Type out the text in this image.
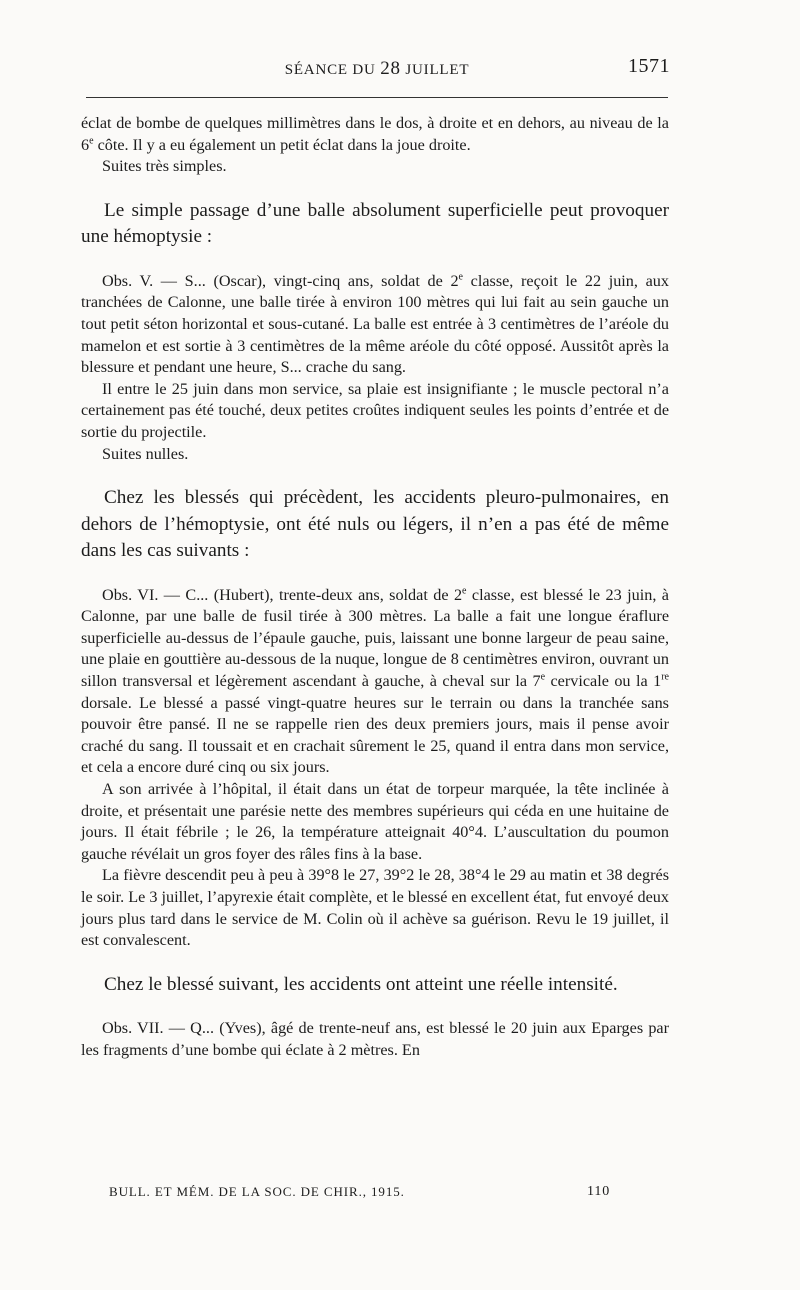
SÉANCE DU 28 JUILLET	1571

éclat de bombe de quelques millimètres dans le dos, à droite et en dehors, au niveau de la 6e côte. Il y a eu également un petit éclat dans la joue droite.

Suites très simples.

Le simple passage d’une balle absolument superficielle peut provoquer une hémoptysie :

Obs. V. — S... (Oscar), vingt-cinq ans, soldat de 2e classe, reçoit le 22 juin, aux tranchées de Calonne, une balle tirée à environ 100 mètres qui lui fait au sein gauche un tout petit séton horizontal et sous-cutané. La balle est entrée à 3 centimètres de l’aréole du mamelon et est sortie à 3 centimètres de la même aréole du côté opposé. Aussitôt après la blessure et pendant une heure, S... crache du sang.

Il entre le 25 juin dans mon service, sa plaie est insignifiante ; le muscle pectoral n’a certainement pas été touché, deux petites croûtes indiquent seules les points d’entrée et de sortie du projectile.

Suites nulles.

Chez les blessés qui précèdent, les accidents pleuro-pulmonaires, en dehors de l’hémoptysie, ont été nuls ou légers, il n’en a pas été de même dans les cas suivants :

Obs. VI. — C... (Hubert), trente-deux ans, soldat de 2e classe, est blessé le 23 juin, à Calonne, par une balle de fusil tirée à 300 mètres. La balle a fait une longue éraflure superficielle au-dessus de l’épaule gauche, puis, laissant une bonne largeur de peau saine, une plaie en gouttière au-dessous de la nuque, longue de 8 centimètres environ, ouvrant un sillon transversal et légèrement ascendant à gauche, à cheval sur la 7e cervicale ou la 1re dorsale. Le blessé a passé vingt-quatre heures sur le terrain ou dans la tranchée sans pouvoir être pansé. Il ne se rappelle rien des deux premiers jours, mais il pense avoir craché du sang. Il toussait et en crachait sûrement le 25, quand il entra dans mon service, et cela a encore duré cinq ou six jours.

A son arrivée à l’hôpital, il était dans un état de torpeur marquée, la tête inclinée à droite, et présentait une parésie nette des membres supérieurs qui céda en une huitaine de jours. Il était fébrile ; le 26, la température atteignait 40°4. L’auscultation du poumon gauche révélait un gros foyer des râles fins à la base.

La fièvre descendit peu à peu à 39°8 le 27, 39°2 le 28, 38°4 le 29 au matin et 38 degrés le soir. Le 3 juillet, l’apyrexie était complète, et le blessé en excellent état, fut envoyé deux jours plus tard dans le service de M. Colin où il achève sa guérison. Revu le 19 juillet, il est convalescent.

Chez le blessé suivant, les accidents ont atteint une réelle intensité.

Obs. VII. — Q... (Yves), âgé de trente-neuf ans, est blessé le 20 juin aux Eparges par les fragments d’une bombe qui éclate à 2 mètres. En

BULL. ET MÉM. DE LA SOC. DE CHIR., 1915.	110
